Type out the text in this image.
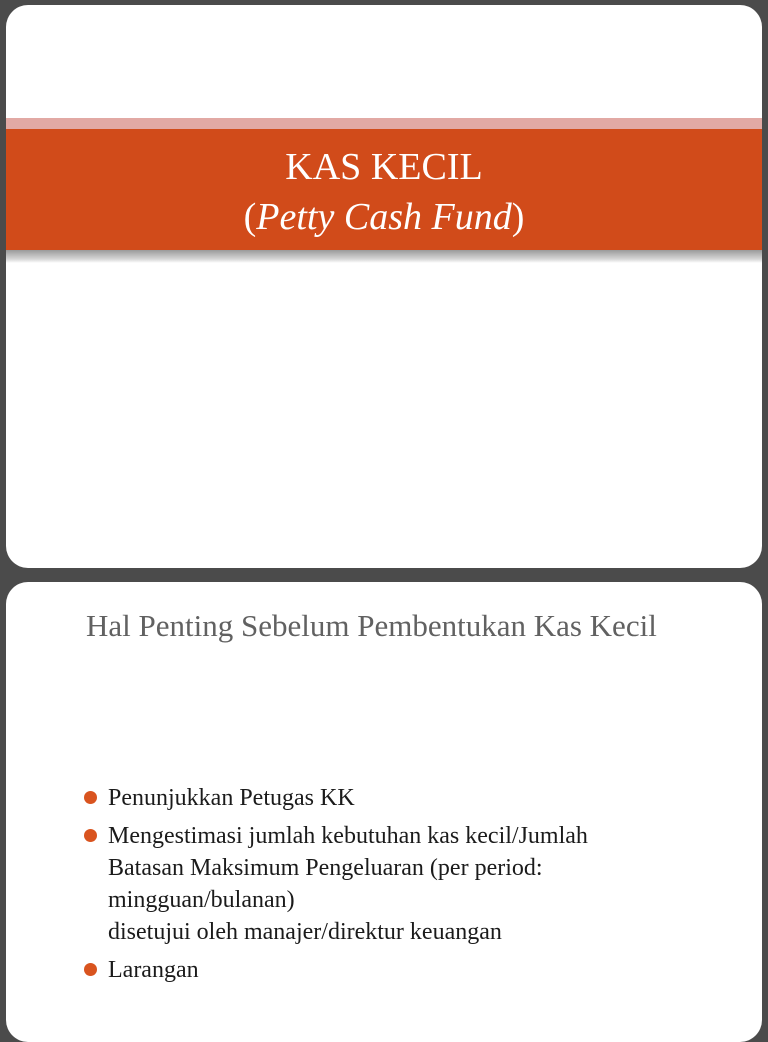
KAS KECIL
(Petty Cash Fund)
Hal Penting Sebelum Pembentukan Kas Kecil
Penunjukkan Petugas KK
Mengestimasi jumlah kebutuhan kas kecil/Jumlah
Batasan Maksimum Pengeluaran (per period:
mingguan/bulanan)
disetujui oleh manajer/direktur keuangan
Larangan
